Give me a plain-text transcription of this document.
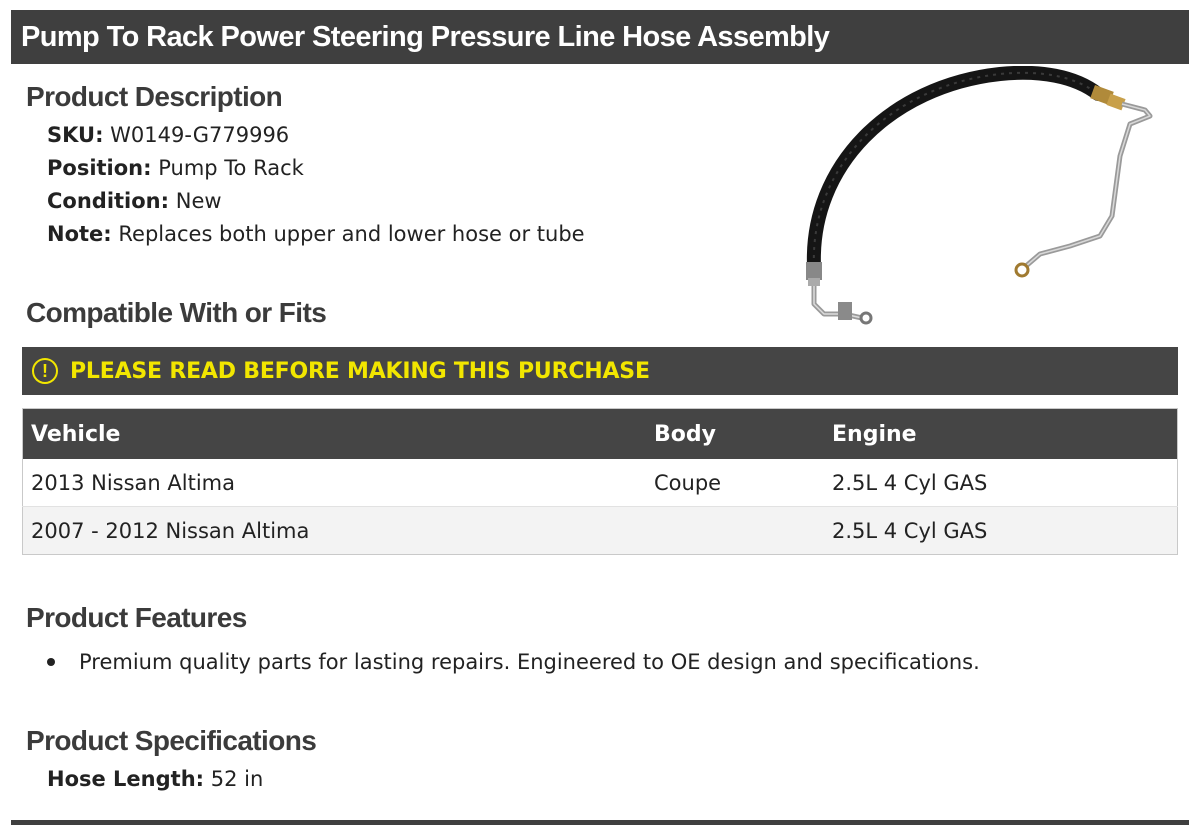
Pump To Rack Power Steering Pressure Line Hose Assembly
Product Description
SKU: W0149-G779996
Position: Pump To Rack
Condition: New
Note: Replaces both upper and lower hose or tube
Compatible With or Fits
!	PLEASE READ BEFORE MAKING THIS PURCHASE
Vehicle	Body	Engine
2013 Nissan Altima	Coupe	2.5L 4 Cyl GAS
2007 - 2012 Nissan Altima		2.5L 4 Cyl GAS
Product Features
Premium quality parts for lasting repairs. Engineered to OE design and specifications.
Product Specifications
Hose Length: 52 in
